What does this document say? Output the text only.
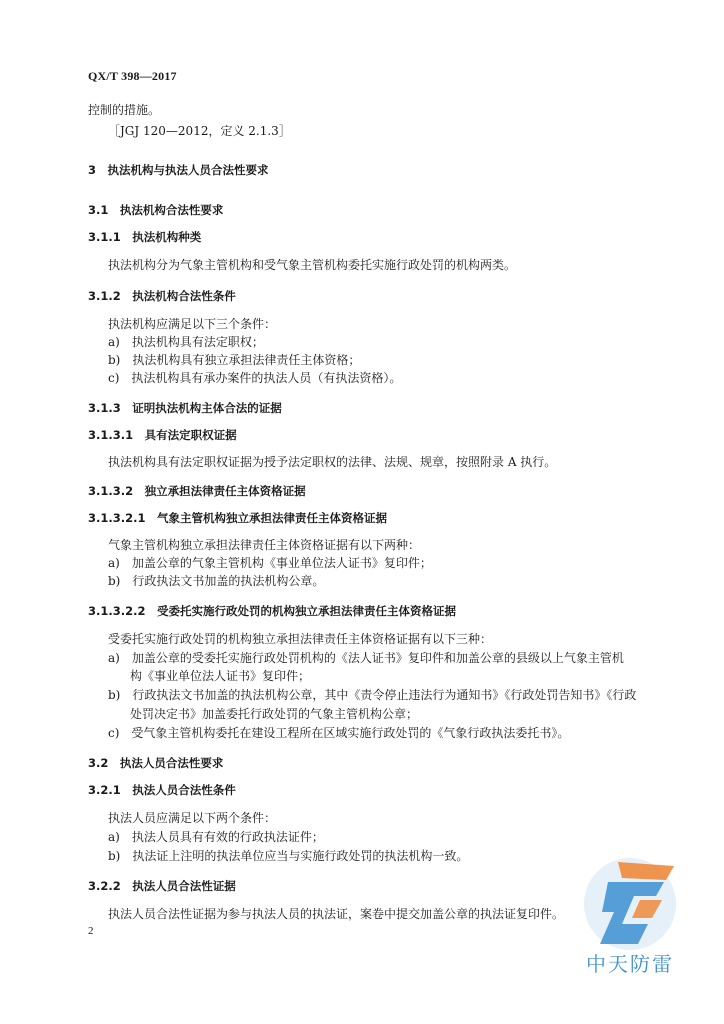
QX/T 398—2017
控制的措施。
［JGJ 120—2012，定义 2.1.3］
3　执法机构与执法人员合法性要求
3.1　执法机构合法性要求
3.1.1　执法机构种类
执法机构分为气象主管机构和受气象主管机构委托实施行政处罚的机构两类。
3.1.2　执法机构合法性条件
执法机构应满足以下三个条件：
a)　执法机构具有法定职权；
b)　执法机构具有独立承担法律责任主体资格；
c)　执法机构具有承办案件的执法人员（有执法资格）。
3.1.3　证明执法机构主体合法的证据
3.1.3.1　具有法定职权证据
执法机构具有法定职权证据为授予法定职权的法律、法规、规章，按照附录 A 执行。
3.1.3.2　独立承担法律责任主体资格证据
3.1.3.2.1　气象主管机构独立承担法律责任主体资格证据
气象主管机构独立承担法律责任主体资格证据有以下两种：
a)　加盖公章的气象主管机构《事业单位法人证书》复印件；
b)　行政执法文书加盖的执法机构公章。
3.1.3.2.2　受委托实施行政处罚的机构独立承担法律责任主体资格证据
受委托实施行政处罚的机构独立承担法律责任主体资格证据有以下三种：
a)　加盖公章的受委托实施行政处罚机构的《法人证书》复印件和加盖公章的县级以上气象主管机
构《事业单位法人证书》复印件；
b)　行政执法文书加盖的执法机构公章，其中《责令停止违法行为通知书》《行政处罚告知书》《行政
处罚决定书》加盖委托行政处罚的气象主管机构公章；
c)　受气象主管机构委托在建设工程所在区域实施行政处罚的《气象行政执法委托书》。
3.2　执法人员合法性要求
3.2.1　执法人员合法性条件
执法人员应满足以下两个条件：
a)　执法人员具有有效的行政执法证件；
b)　执法证上注明的执法单位应当与实施行政处罚的执法机构一致。
3.2.2　执法人员合法性证据
执法人员合法性证据为参与执法人员的执法证，案卷中提交加盖公章的执法证复印件。
2
中天防雷
